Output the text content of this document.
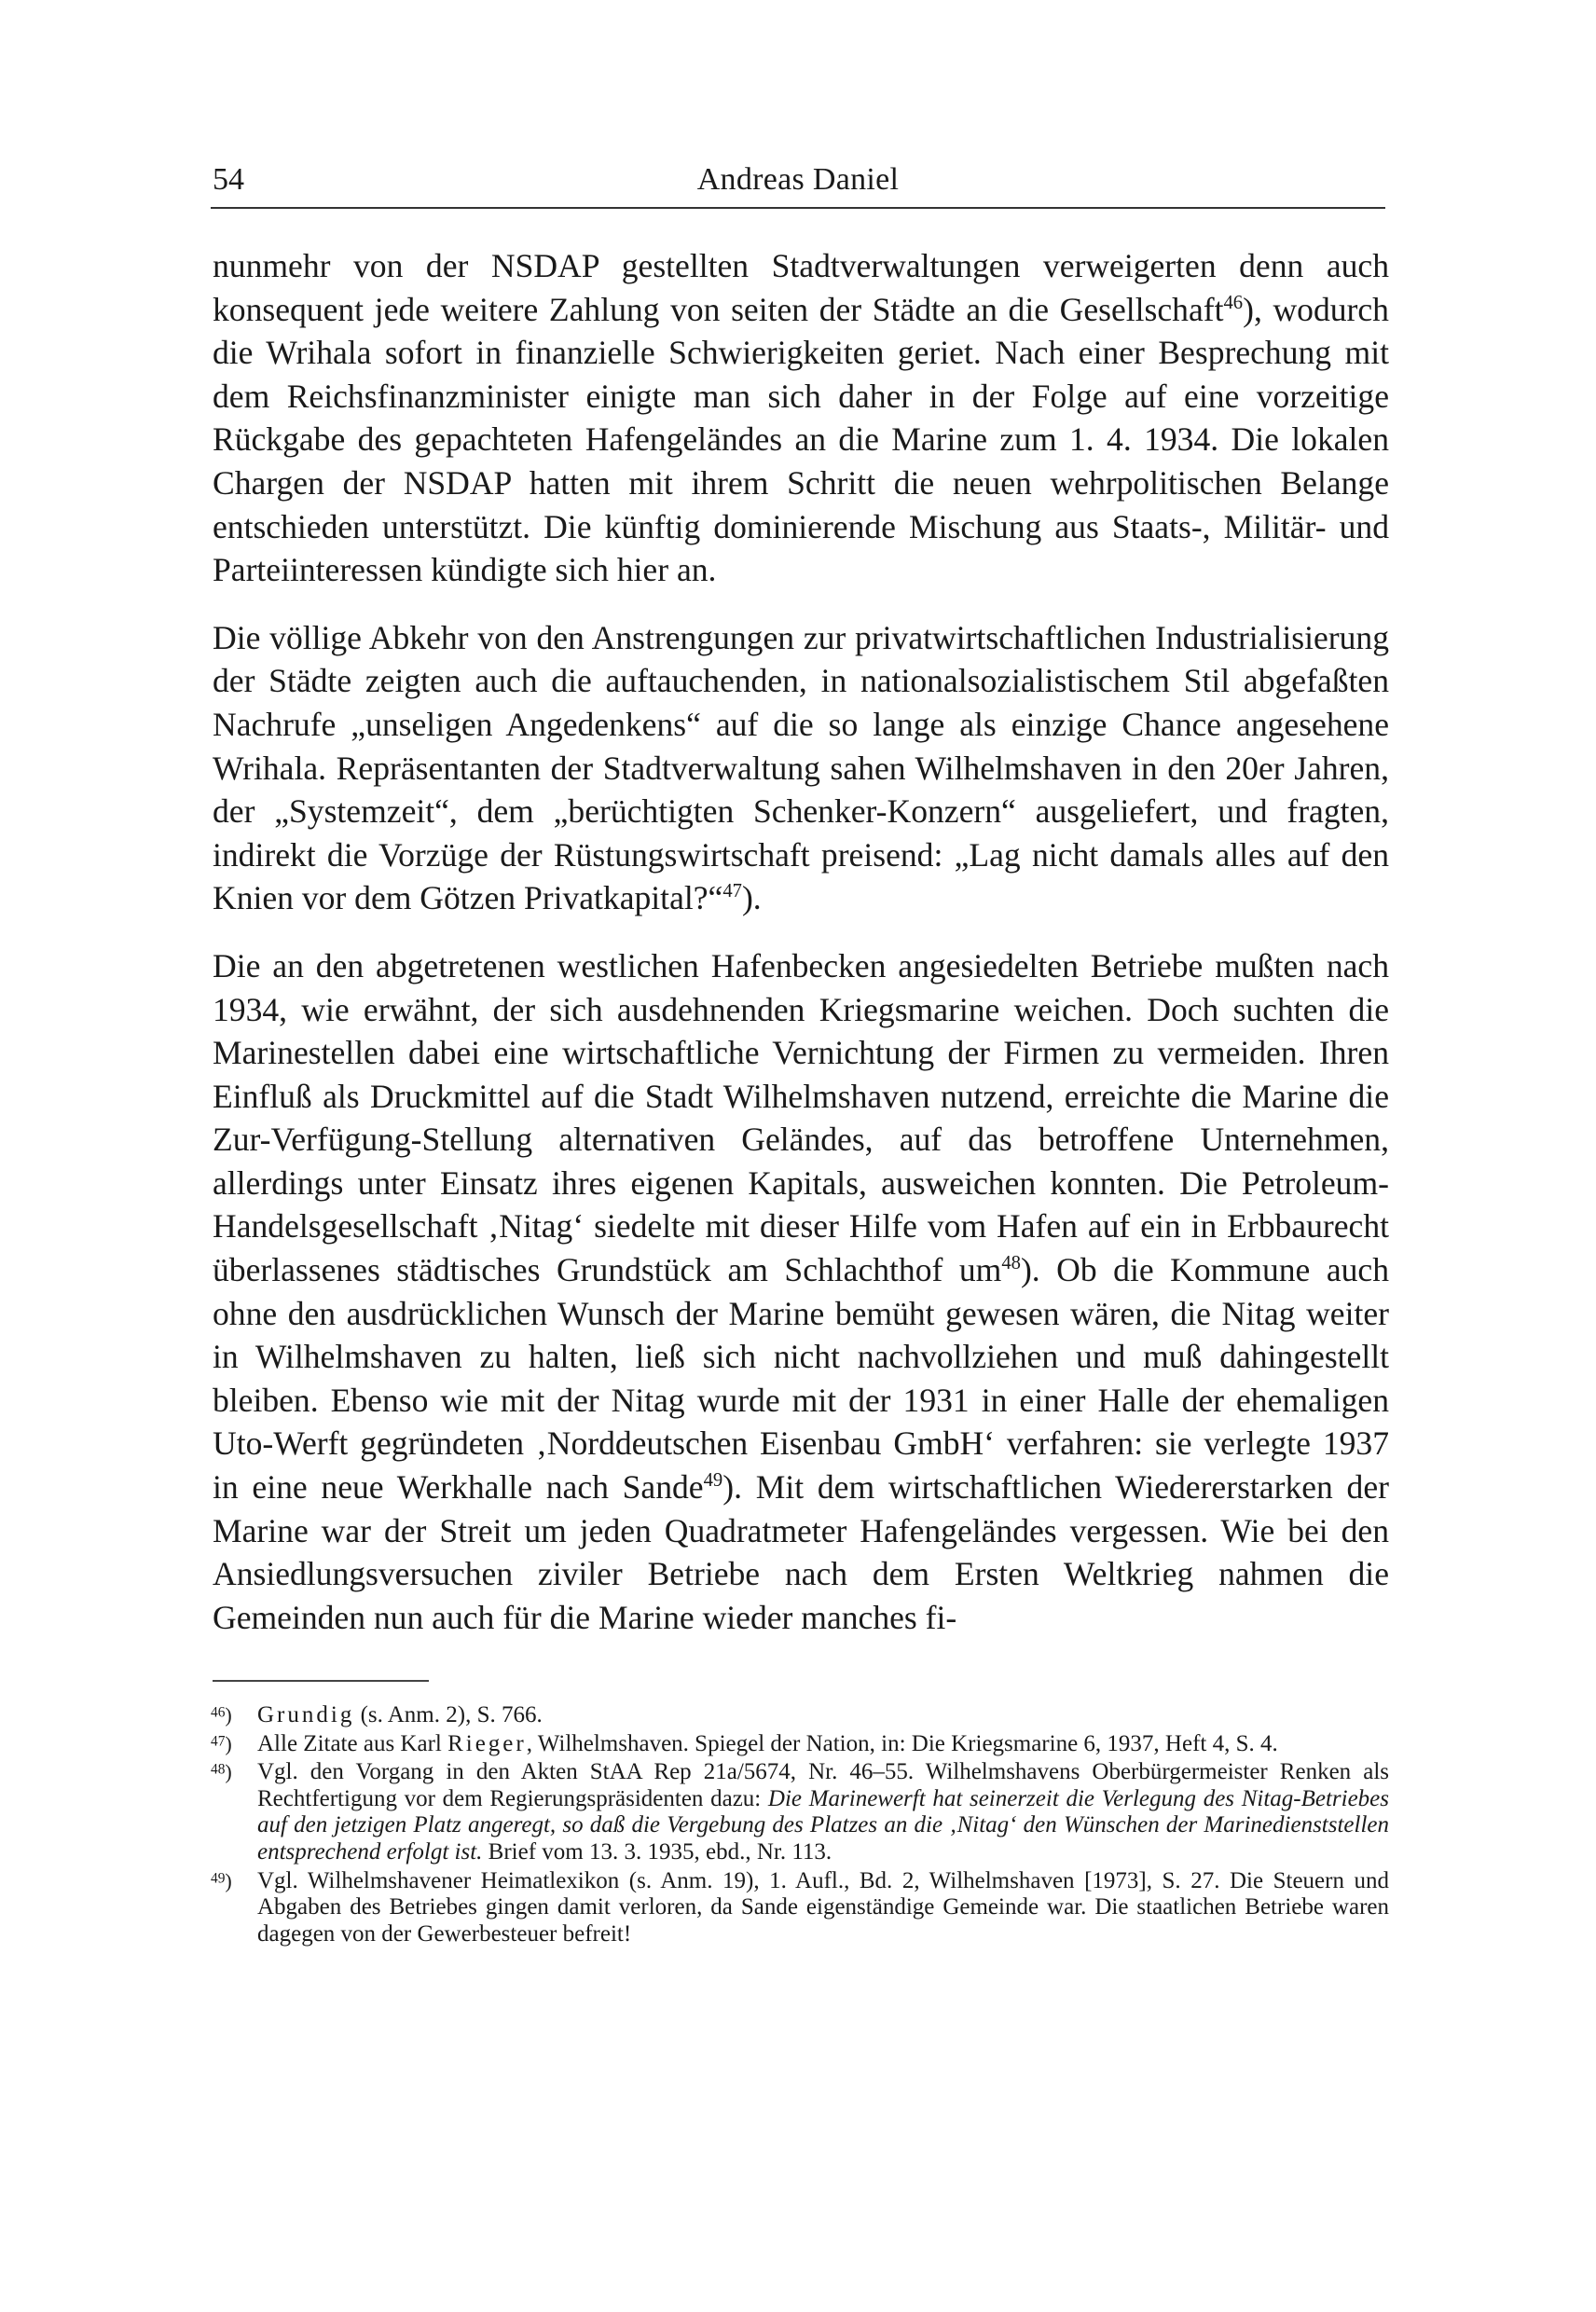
54	Andreas Daniel

nunmehr von der NSDAP gestellten Stadtverwaltungen verweigerten denn auch konsequent jede weitere Zahlung von seiten der Städte an die Gesellschaft$^{46}$), wodurch die Wrihala sofort in finanzielle Schwierigkeiten geriet. Nach einer Besprechung mit dem Reichsfinanzminister einigte man sich daher in der Folge auf eine vorzeitige Rückgabe des gepachteten Hafengeländes an die Marine zum 1. 4. 1934. Die lokalen Chargen der NSDAP hatten mit ihrem Schritt die neuen wehrpolitischen Belange entschieden unterstützt. Die künftig dominierende Mischung aus Staats-, Militär- und Parteiinteressen kündigte sich hier an.

Die völlige Abkehr von den Anstrengungen zur privatwirtschaftlichen Industrialisierung der Städte zeigten auch die auftauchenden, in nationalsozialistischem Stil abgefaßten Nachrufe „unseligen Angedenkens“ auf die so lange als einzige Chance angesehene Wrihala. Repräsentanten der Stadtverwaltung sahen Wilhelmshaven in den 20er Jahren, der „Systemzeit“, dem „berüchtigten Schenker-Konzern“ ausgeliefert, und fragten, indirekt die Vorzüge der Rüstungswirtschaft preisend: „Lag nicht damals alles auf den Knien vor dem Götzen Privatkapital?“$^{47}$).

Die an den abgetretenen westlichen Hafenbecken angesiedelten Betriebe mußten nach 1934, wie erwähnt, der sich ausdehnenden Kriegsmarine weichen. Doch suchten die Marinestellen dabei eine wirtschaftliche Vernichtung der Firmen zu vermeiden. Ihren Einfluß als Druckmittel auf die Stadt Wilhelmshaven nutzend, erreichte die Marine die Zur-Verfügung-Stellung alternativen Geländes, auf das betroffene Unternehmen, allerdings unter Einsatz ihres eigenen Kapitals, ausweichen konnten. Die Petroleum-Handelsgesellschaft ‚Nitag‘ siedelte mit dieser Hilfe vom Hafen auf ein in Erbbaurecht überlassenes städtisches Grundstück am Schlachthof $um^{48}$). Ob die Kommune auch ohne den ausdrücklichen Wunsch der Marine bemüht gewesen wären, die Nitag weiter in Wilhelmshaven zu halten, ließ sich nicht nachvollziehen und muß dahingestellt bleiben. Ebenso wie mit der Nitag wurde mit der 1931 in einer Halle der ehemaligen Uto-Werft gegründeten ‚Norddeutschen Eisenbau GmbH‘ verfahren: sie verlegte 1937 in eine neue Werkhalle nach Sande$^{49}$). Mit dem wirtschaftlichen Wiedererstarken der Marine war der Streit um jeden Quadratmeter Hafengeländes vergessen. Wie bei den Ansiedlungsversuchen ziviler Betriebe nach dem Ersten Weltkrieg nahmen die Gemeinden nun auch für die Marine wieder manches fi-

$^{46}$)	Grundig (s. Anm. 2), S. 766.
$^{47}$)	Alle Zitate aus Karl Rieger, Wilhelmshaven. Spiegel der Nation, in: Die Kriegsmarine 6, 1937, Heft 4, S. 4.
$^{48}$)	Vgl. den Vorgang in den Akten StAA Rep 21a/5674, Nr. 46–55. Wilhelmshavens Oberbürgermeister Renken als Rechtfertigung vor dem Regierungspräsidenten dazu: Die Marinewerft hat seinerzeit die Verlegung des Nitag-Betriebes auf den jetzigen Platz angeregt, so daß die Vergebung des Platzes an die ‚Nitag‘ den Wünschen der Marinedienststellen entsprechend erfolgt ist. Brief vom 13. 3. 1935, ebd., Nr. 113.
$^{49}$)	Vgl. Wilhelmshavener Heimatlexikon (s. Anm. 19), 1. Aufl., Bd. 2, Wilhelmshaven [1973], S. 27. Die Steuern und Abgaben des Betriebes gingen damit verloren, da Sande eigenständige Gemeinde war. Die staatlichen Betriebe waren dagegen von der Gewerbesteuer befreit!
